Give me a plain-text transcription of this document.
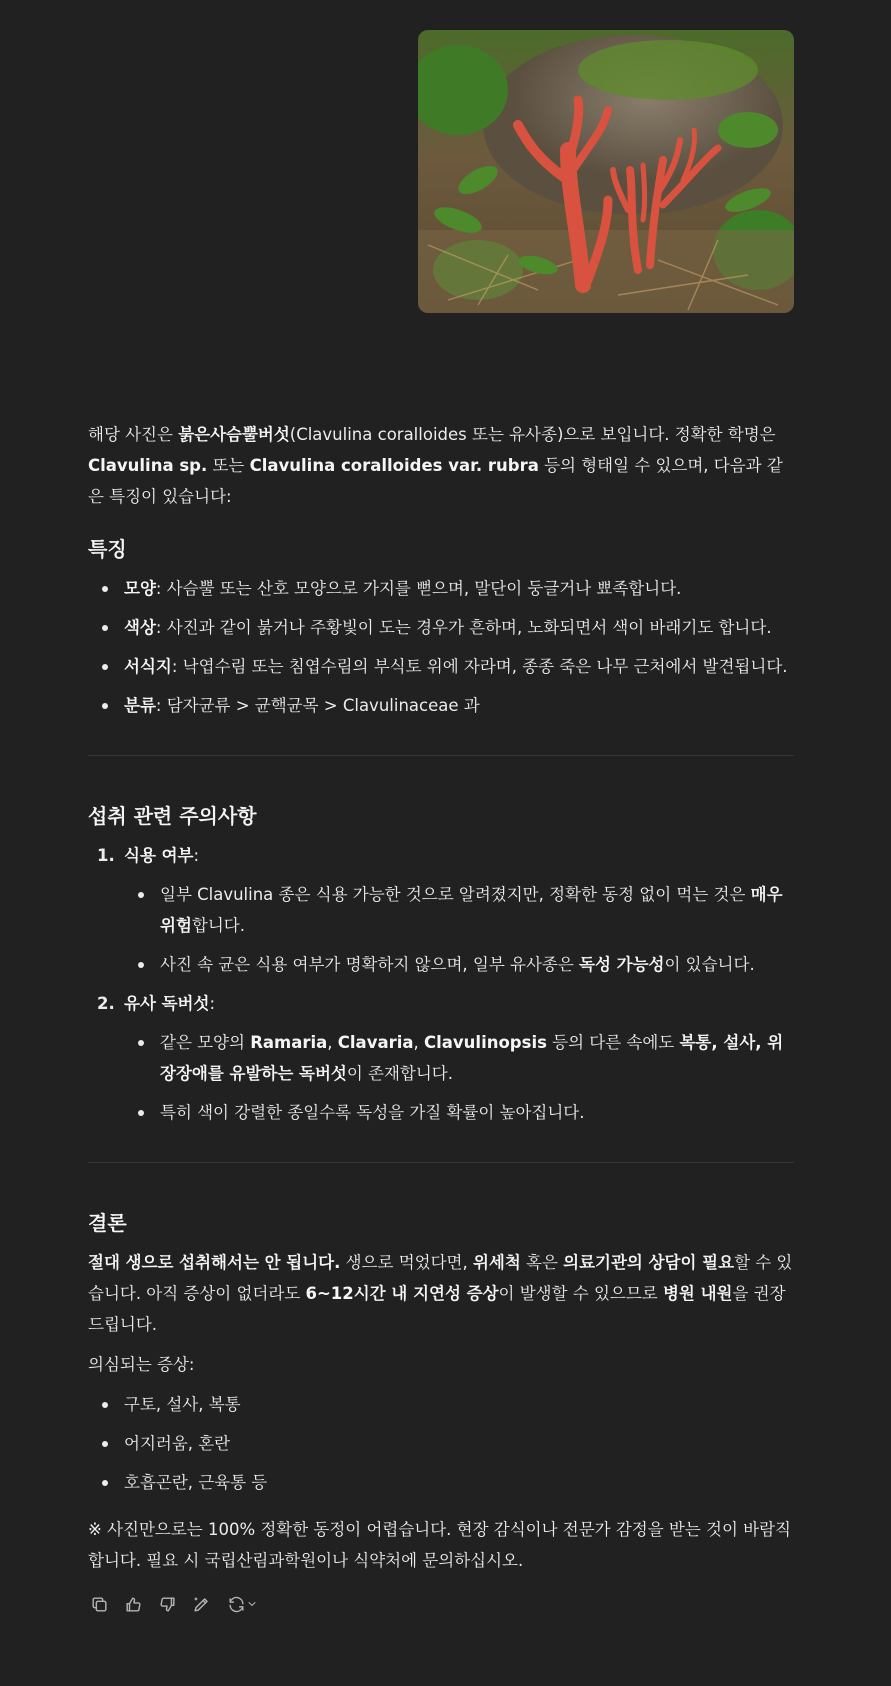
해당 사진은 붉은사슴뿔버섯(Clavulina coralloides 또는 유사종)으로 보입니다. 정확한 학명은 Clavulina sp. 또는 Clavulina coralloides var. rubra 등의 형태일 수 있으며, 다음과 같은 특징이 있습니다:

특징
모양: 사슴뿔 또는 산호 모양으로 가지를 뻗으며, 말단이 둥글거나 뾰족합니다.
색상: 사진과 같이 붉거나 주황빛이 도는 경우가 흔하며, 노화되면서 색이 바래기도 합니다.
서식지: 낙엽수림 또는 침엽수림의 부식토 위에 자라며, 종종 죽은 나무 근처에서 발견됩니다.
분류: 담자균류 > 균핵균목 > Clavulinaceae 과
섭취 관련 주의사항
1. 식용 여부:
일부 Clavulina 종은 식용 가능한 것으로 알려졌지만, 정확한 동정 없이 먹는 것은 매우 위험합니다.
사진 속 균은 식용 여부가 명확하지 않으며, 일부 유사종은 독성 가능성이 있습니다.
2. 유사 독버섯:
같은 모양의 Ramaria, Clavaria, Clavulinopsis 등의 다른 속에도 복통, 설사, 위장장애를 유발하는 독버섯이 존재합니다.
특히 색이 강렬한 종일수록 독성을 가질 확률이 높아집니다.
결론

절대 생으로 섭취해서는 안 됩니다. 생으로 먹었다면, 위세척 혹은 의료기관의 상담이 필요할 수 있습니다. 아직 증상이 없더라도 6~12시간 내 지연성 증상이 발생할 수 있으므로 병원 내원을 권장드립니다.

의심되는 증상:

구토, 설사, 복통
어지러움, 혼란
호흡곤란, 근육통 등

※ 사진만으로는 100% 정확한 동정이 어렵습니다. 현장 감식이나 전문가 감정을 받는 것이 바람직합니다. 필요 시 국립산림과학원이나 식약처에 문의하십시오.
